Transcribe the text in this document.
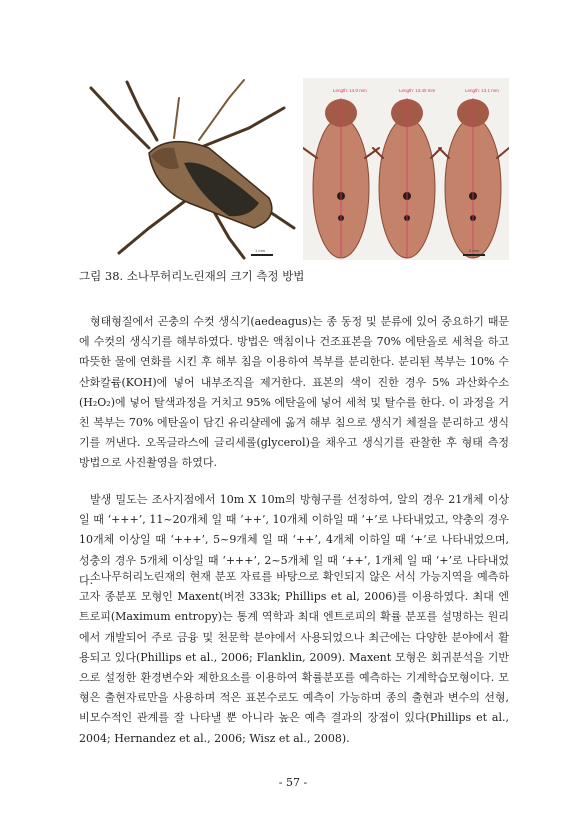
1 mm
Length: 14.0 mm	Length: 13.40 mm	Length: 13.1 mm
3 mm
그림 38. 소나무허리노린재의 크기 측정 방법

형태형질에서 곤충의 수컷 생식기(aedeagus)는 종 동정 및 분류에 있어 중요하기 때문에 수컷의 생식기를 해부하였다. 방법은 액침이나 건조표본을 70% 에탄올로 세척을 하고 따뜻한 물에 연화를 시킨 후 해부 침을 이용하여 복부를 분리한다. 분리된 복부는 10% 수산화칼륨(KOH)에 넣어 내부조직을 제거한다. 표본의 색이 진한 경우 5% 과산화수소(H₂O₂)에 넣어 탈색과정을 거치고 95% 에탄올에 넣어 세척 및 탈수를 한다. 이 과정을 거친 복부는 70% 에탄올이 담긴 유리샬레에 옮겨 해부 침으로 생식기 체절을 분리하고 생식기를 꺼낸다. 오목글라스에 글리세롤(glycerol)을 채우고 생식기를 관찰한 후 형태 측정 방법으로 사진촬영을 하였다.

발생 밀도는 조사지점에서 10m X 10m의 방형구를 선정하여, 알의 경우 21개체 이상일 때 ‘+++’, 11~20개체 일 때 ‘++’, 10개체 이하일 때 ‘+’로 나타내었고, 약충의 경우 10개체 이상일 때 ‘+++’, 5~9개체 일 때 ‘++’, 4개체 이하일 때 ‘+’로 나타내었으며, 성충의 경우 5개체 이상일 때 ‘+++’, 2~5개체 일 때 ‘++’, 1개체 일 때 ‘+’로 나타내었다.

소나무허리노린재의 현재 분포 자료를 바탕으로 확인되지 않은 서식 가능지역을 예측하고자 종분포 모형인 Maxent(버전 333k; Phillips et al, 2006)를 이용하였다. 최대 엔트로피(Maximum entropy)는 통계 역학과 최대 엔트로피의 확률 분포를 설명하는 원리에서 개발되어 주로 금융 및 천문학 분야에서 사용되었으나 최근에는 다양한 분야에서 활용되고 있다(Phillips et al., 2006; Flanklin, 2009). Maxent 모형은 회귀분석을 기반으로 설정한 환경변수와 제한요소를 이용하여 확률분포를 예측하는 기계학습모형이다. 모형은 출현자료만을 사용하며 적은 표본수로도 예측이 가능하며 종의 출현과 변수의 선형, 비모수적인 관계를 잘 나타낼 뿐 아니라 높은 예측 결과의 장점이 있다(Phillips et al., 2004; Hernandez et al., 2006; Wisz et al., 2008).

- 57 -
